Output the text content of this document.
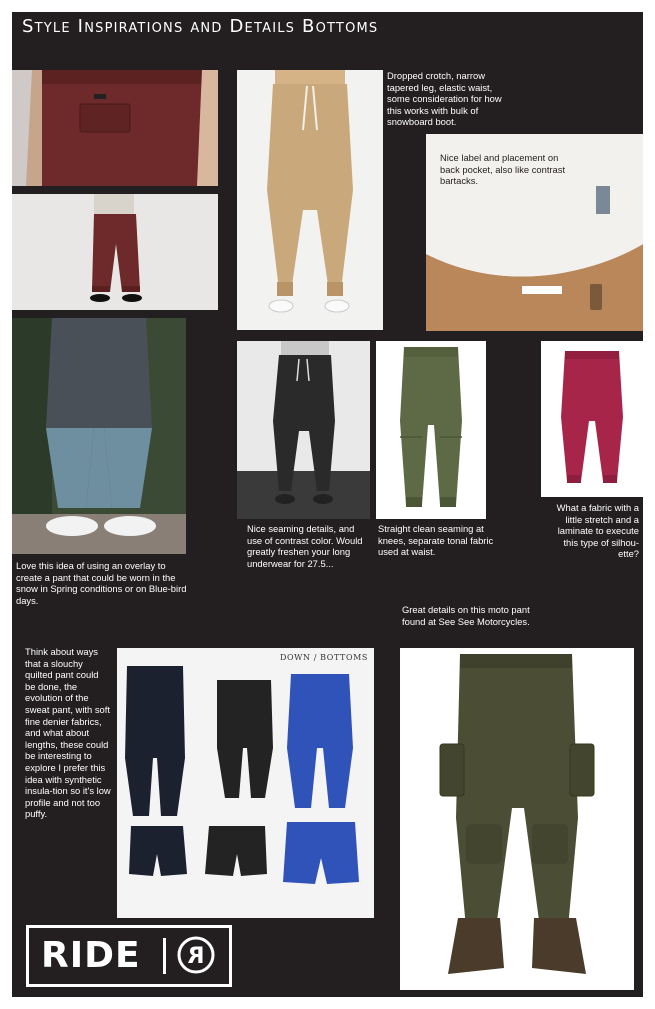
Style Inspirations and Details Bottoms
Dropped crotch, narrow tapered leg, elastic waist, some consideration for how this works with bulk of snowboard boot.
Nice label and placement on back pocket, also like contrast bartacks.
Love this idea of using an overlay to create a pant that could be worn in the snow in Spring conditions or on Blue-bird days.
Nice seaming details, and use of contrast color. Would greatly freshen your long underwear for 27.5...
Straight clean seaming at knees, separate tonal fabric used at waist.
What a fabric with a little stretch and a laminate to execute this type of silhou-ette?
Great details on this moto pant found at See See Motorcycles.
Think about ways that a slouchy quilted pant could be done, the evolution of the sweat pant, with soft fine denier fabrics, and what about lengths, these could be interesting to explore I prefer this idea with synthetic insula-tion so it's low profile and not too puffy.
DOWN / BOTTOMS
RIDE R
